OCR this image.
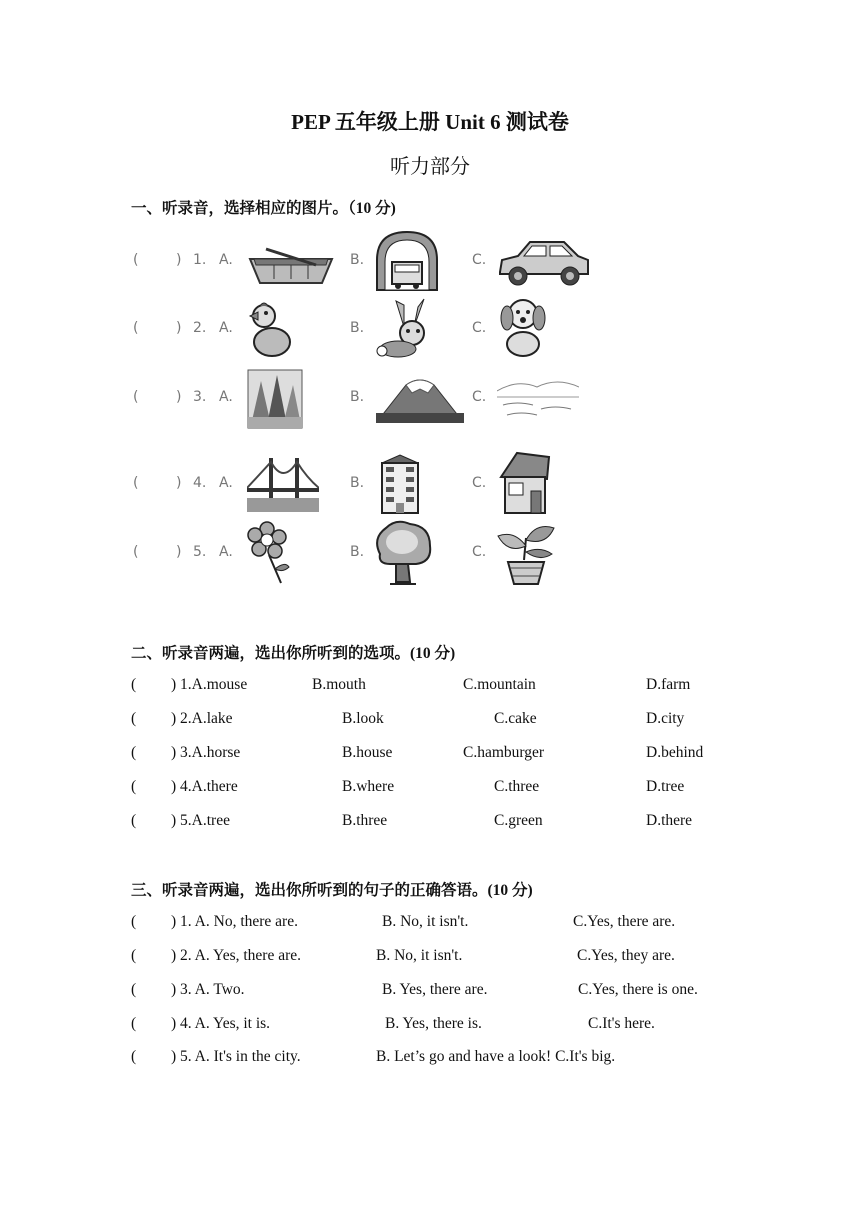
PEP 五年级上册 Unit 6 测试卷
听力部分
一、听录音，选择相应的图片。（10 分)
(	) 1. A.	B.	C.
(	) 2. A.	B.	C.
(	) 3. A.	B.	C.
(	) 4. A.	B.	C.
(	) 5. A.	B.	C.
二、听录音两遍，选出你所听到的选项。(10 分)
( ) 1.A.mouse	B.mouth	C.mountain	D.farm
( ) 2.A.lake	B.look	C.cake	D.city
( ) 3.A.horse	B.house	C.hamburger	D.behind
( ) 4.A.there	B.where	C.three	D.tree
( ) 5.A.tree	B.three	C.green	D.there
三、听录音两遍，选出你所听到的句子的正确答语。(10 分)
( ) 1. A. No, there are.	B. No, it isn't.	C.Yes, there are.
( ) 2. A. Yes, there are.	B. No, it isn't.	C.Yes, they are.
( ) 3. A. Two.	B. Yes, there are.	C.Yes, there is one.
( ) 4. A. Yes, it is.	B. Yes, there is.	C.It's here.
( ) 5. A. It's in the city.	B. Let’s go and have a look! C.It's big.
